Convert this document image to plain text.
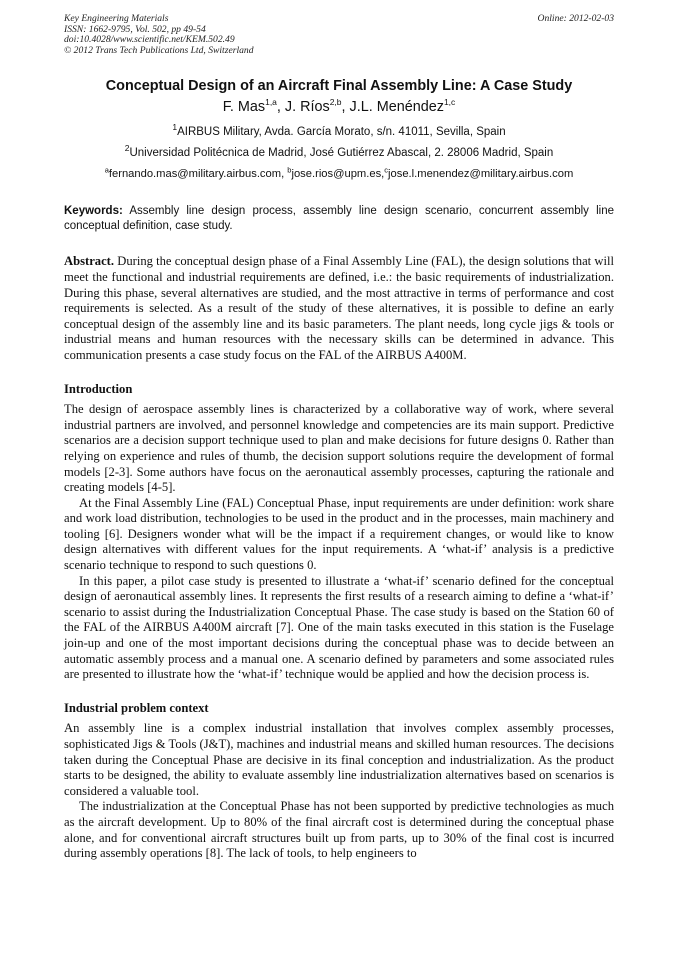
Key Engineering Materials
ISSN: 1662-9795, Vol. 502, pp 49-54
doi:10.4028/www.scientific.net/KEM.502.49
© 2012 Trans Tech Publications Ltd, Switzerland
Online: 2012-02-03
Conceptual Design of an Aircraft Final Assembly Line: A Case Study
F. Mas$^{1,a}$, J. Ríos$^{2,b}$, J.L. Menéndez$^{1,c}$
$^1$AIRBUS Military, Avda. García Morato, s/n. 41011, Sevilla, Spain
$^2$Universidad Politécnica de Madrid, José Gutiérrez Abascal, 2. 28006 Madrid, Spain
$^a$fernando.mas@military.airbus.com, $^b$jose.rios@upm.es,$^c$jose.l.menendez@military.airbus.com
Keywords: Assembly line design process, assembly line design scenario, concurrent assembly line conceptual definition, case study.
Abstract. During the conceptual design phase of a Final Assembly Line (FAL), the design solutions that will meet the functional and industrial requirements are defined, i.e.: the basic requirements of industrialization. During this phase, several alternatives are studied, and the most attractive in terms of performance and cost requirements is selected. As a result of the study of these alternatives, it is possible to define an early conceptual design of the assembly line and its basic parameters. The plant needs, long cycle jigs & tools or industrial means and human resources with the necessary skills can be determined in advance. This communication presents a case study focus on the FAL of the AIRBUS A400M.
Introduction

The design of aerospace assembly lines is characterized by a collaborative way of work, where several industrial partners are involved, and personnel knowledge and competencies are its main support. Predictive scenarios are a decision support technique used to plan and make decisions for future designs 0. Rather than relying on experience and rules of thumb, the decision support solutions require the development of formal models [2-3]. Some authors have focus on the aeronautical assembly processes, capturing the rationale and creating models [4-5].

At the Final Assembly Line (FAL) Conceptual Phase, input requirements are under definition: work share and work load distribution, technologies to be used in the product and in the processes, main machinery and tooling [6]. Designers wonder what will be the impact if a requirement changes, or would like to know design alternatives with different values for the input requirements. A ‘what-if’ analysis is a predictive scenario technique to respond to such questions 0.

In this paper, a pilot case study is presented to illustrate a ‘what-if’ scenario defined for the conceptual design of aeronautical assembly lines. It represents the first results of a research aiming to define a ‘what-if’ scenario to assist during the Industrialization Conceptual Phase. The case study is based on the Station 60 of the FAL of the AIRBUS A400M aircraft [7]. One of the main tasks executed in this station is the Fuselage join-up and one of the most important decisions during the conceptual phase was to decide between an automatic assembly process and a manual one. A scenario defined by parameters and some associated rules are presented to illustrate how the ‘what-if’ technique would be applied and how the decision process is.

Industrial problem context

An assembly line is a complex industrial installation that involves complex assembly processes, sophisticated Jigs & Tools (J&T), machines and industrial means and skilled human resources. The decisions taken during the Conceptual Phase are decisive in its final conception and industrialization. As the product starts to be designed, the ability to evaluate assembly line industrialization alternatives based on scenarios is considered a valuable tool.

The industrialization at the Conceptual Phase has not been supported by predictive technologies as much as the aircraft development. Up to 80% of the final aircraft cost is determined during the conceptual phase alone, and for conventional aircraft structures built up from parts, up to 30% of the final cost is incurred during assembly operations [8]. The lack of tools, to help engineers to
